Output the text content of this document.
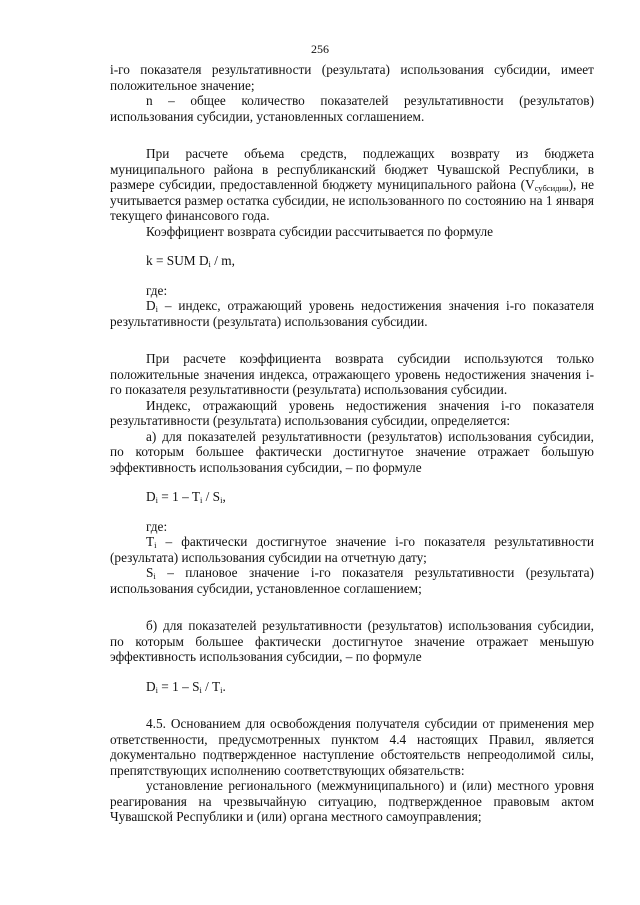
256

i-го показателя результативности (результата) использования субсидии, имеет положительное значение;

n – общее количество показателей результативности (результатов) использования субсидии, установленных соглашением.

При расчете объема средств, подлежащих возврату из бюджета муниципального района в республиканский бюджет Чувашской Республики, в размере субсидии, предоставленной бюджету муниципального района $(V_{субсидии})$, не учитывается размер остатка субсидии, не использованного по состоянию на 1 января текущего финансового года.

Коэффициент возврата субсидии рассчитывается по формуле

k = SUM $D_i$ / m,

где:

$D_i$ – индекс, отражающий уровень недостижения значения i-го показателя результативности (результата) использования субсидии.

При расчете коэффициента возврата субсидии используются только положительные значения индекса, отражающего уровень недостижения значения i-го показателя результативности (результата) использования субсидии.

Индекс, отражающий уровень недостижения значения i-го показателя результативности (результата) использования субсидии, определяется:

а) для показателей результативности (результатов) использования субсидии, по которым большее фактически достигнутое значение отражает большую эффективность использования субсидии, – по формуле

$D_i = 1 - T_i / S_i$,

где:

$T_i$ – фактически достигнутое значение i-го показателя результативности (результата) использования субсидии на отчетную дату;

$S_i$ – плановое значение i-го показателя результативности (результата) использования субсидии, установленное соглашением;

б) для показателей результативности (результатов) использования субсидии, по которым большее фактически достигнутое значение отражает меньшую эффективность использования субсидии, – по формуле

$D_i = 1 - S_i / T_i$.

4.5. Основанием для освобождения получателя субсидии от применения мер ответственности, предусмотренных пунктом 4.4 настоящих Правил, является документально подтвержденное наступление обстоятельств непреодолимой силы, препятствующих исполнению соответствующих обязательств:

установление регионального (межмуниципального) и (или) местного уровня реагирования на чрезвычайную ситуацию, подтвержденное правовым актом Чувашской Республики и (или) органа местного самоуправления;
